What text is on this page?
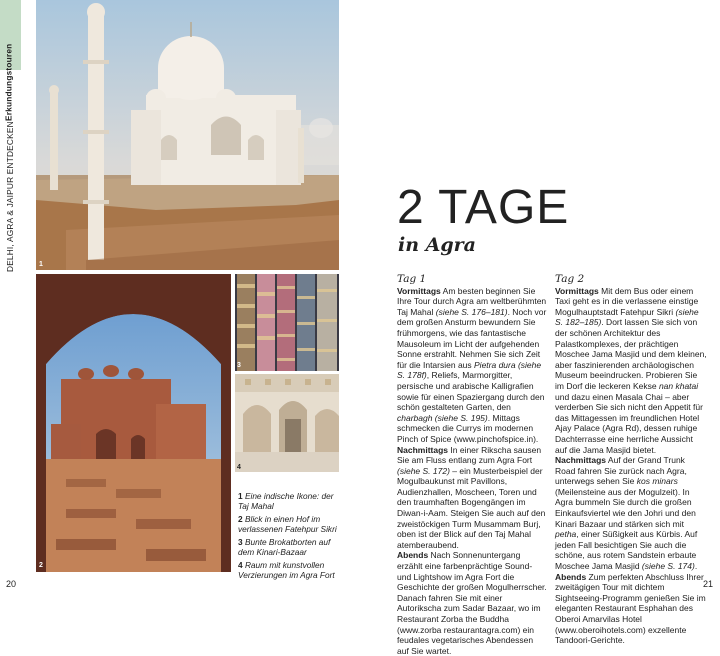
DELHI, AGRA & JAIPUR ENTDECKEN
Erkundungstouren
1
2
3
4
1 Eine indische Ikone: der Taj Mahal
2 Blick in einen Hof im verlassenen Fatehpur Sikri
3 Bunte Brokatborten auf dem Kinari-Bazaar
4 Raum mit kunstvollen Verzierungen im Agra Fort
20	21
2 TAGE
in Agra
Tag 1

Vormittags Am besten beginnen Sie Ihre Tour durch Agra am weltberühmten Taj Mahal (siehe S. 176–181). Noch vor dem großen Ansturm bewundern Sie frühmorgens, wie das fantastische Mausoleum im Licht der aufgehenden Sonne erstrahlt. Nehmen Sie sich Zeit für die Intarsien aus Pietra dura (siehe S. 178f), Reliefs, Marmorgitter, persische und arabische Kalligrafien sowie für einen Spaziergang durch den schön gestalteten Garten, den charbagh (siehe S. 195). Mittags schmecken die Currys im modernen Pinch of Spice (www.pinchofspice.in).

Nachmittags In einer Rikscha sausen Sie am Fluss entlang zum Agra Fort (siehe S. 172) – ein Musterbeispiel der Mogulbaukunst mit Pavillons, Audienzhallen, Moscheen, Toren und den traumhaften Bogengängen im Diwan-i-Aam. Steigen Sie auch auf den zweistöckigen Turm Musammam Burj, oben ist der Blick auf den Taj Mahal atemberaubend.

Abends Nach Sonnenuntergang erzählt eine farbenprächtige Sound- und Lightshow im Agra Fort die Geschichte der großen Mogulherrscher. Danach fahren Sie mit einer Autorikscha zum Sadar Bazaar, wo im Restaurant Zorba the Buddha (www.zorba restaurantagra.com) ein feudales vegetarisches Abendessen auf Sie wartet.

Tag 2

Vormittags Mit dem Bus oder einem Taxi geht es in die verlassene einstige Mogulhauptstadt Fatehpur Sikri (siehe S. 182–185). Dort lassen Sie sich von der schönen Architektur des Palastkomplexes, der prächtigen Moschee Jama Masjid und dem kleinen, aber faszinierenden archäologischen Museum beeindrucken. Probieren Sie im Dorf die leckeren Kekse nan khatai und dazu einen Masala Chai – aber verderben Sie sich nicht den Appetit für das Mittagessen im freundlichen Hotel Ajay Palace (Agra Rd), dessen ruhige Dachterrasse eine herrliche Aussicht auf die Jama Masjid bietet.

Nachmittags Auf der Grand Trunk Road fahren Sie zurück nach Agra, unterwegs sehen Sie kos minars (Meilensteine aus der Mogulzeit). In Agra bummeln Sie durch die großen Einkaufsviertel wie den Johri und den Kinari Bazaar und stärken sich mit petha, einer Süßigkeit aus Kürbis. Auf jeden Fall besichtigen Sie auch die schöne, aus rotem Sandstein erbaute Moschee Jama Masjid (siehe S. 174).

Abends Zum perfekten Abschluss Ihrer zweitägigen Tour mit dichtem Sightseeing-Programm genießen Sie im eleganten Restaurant Esphahan des Oberoi Amarvilas Hotel (www.oberoihotels.com) exzellente Tandoori-Gerichte.
